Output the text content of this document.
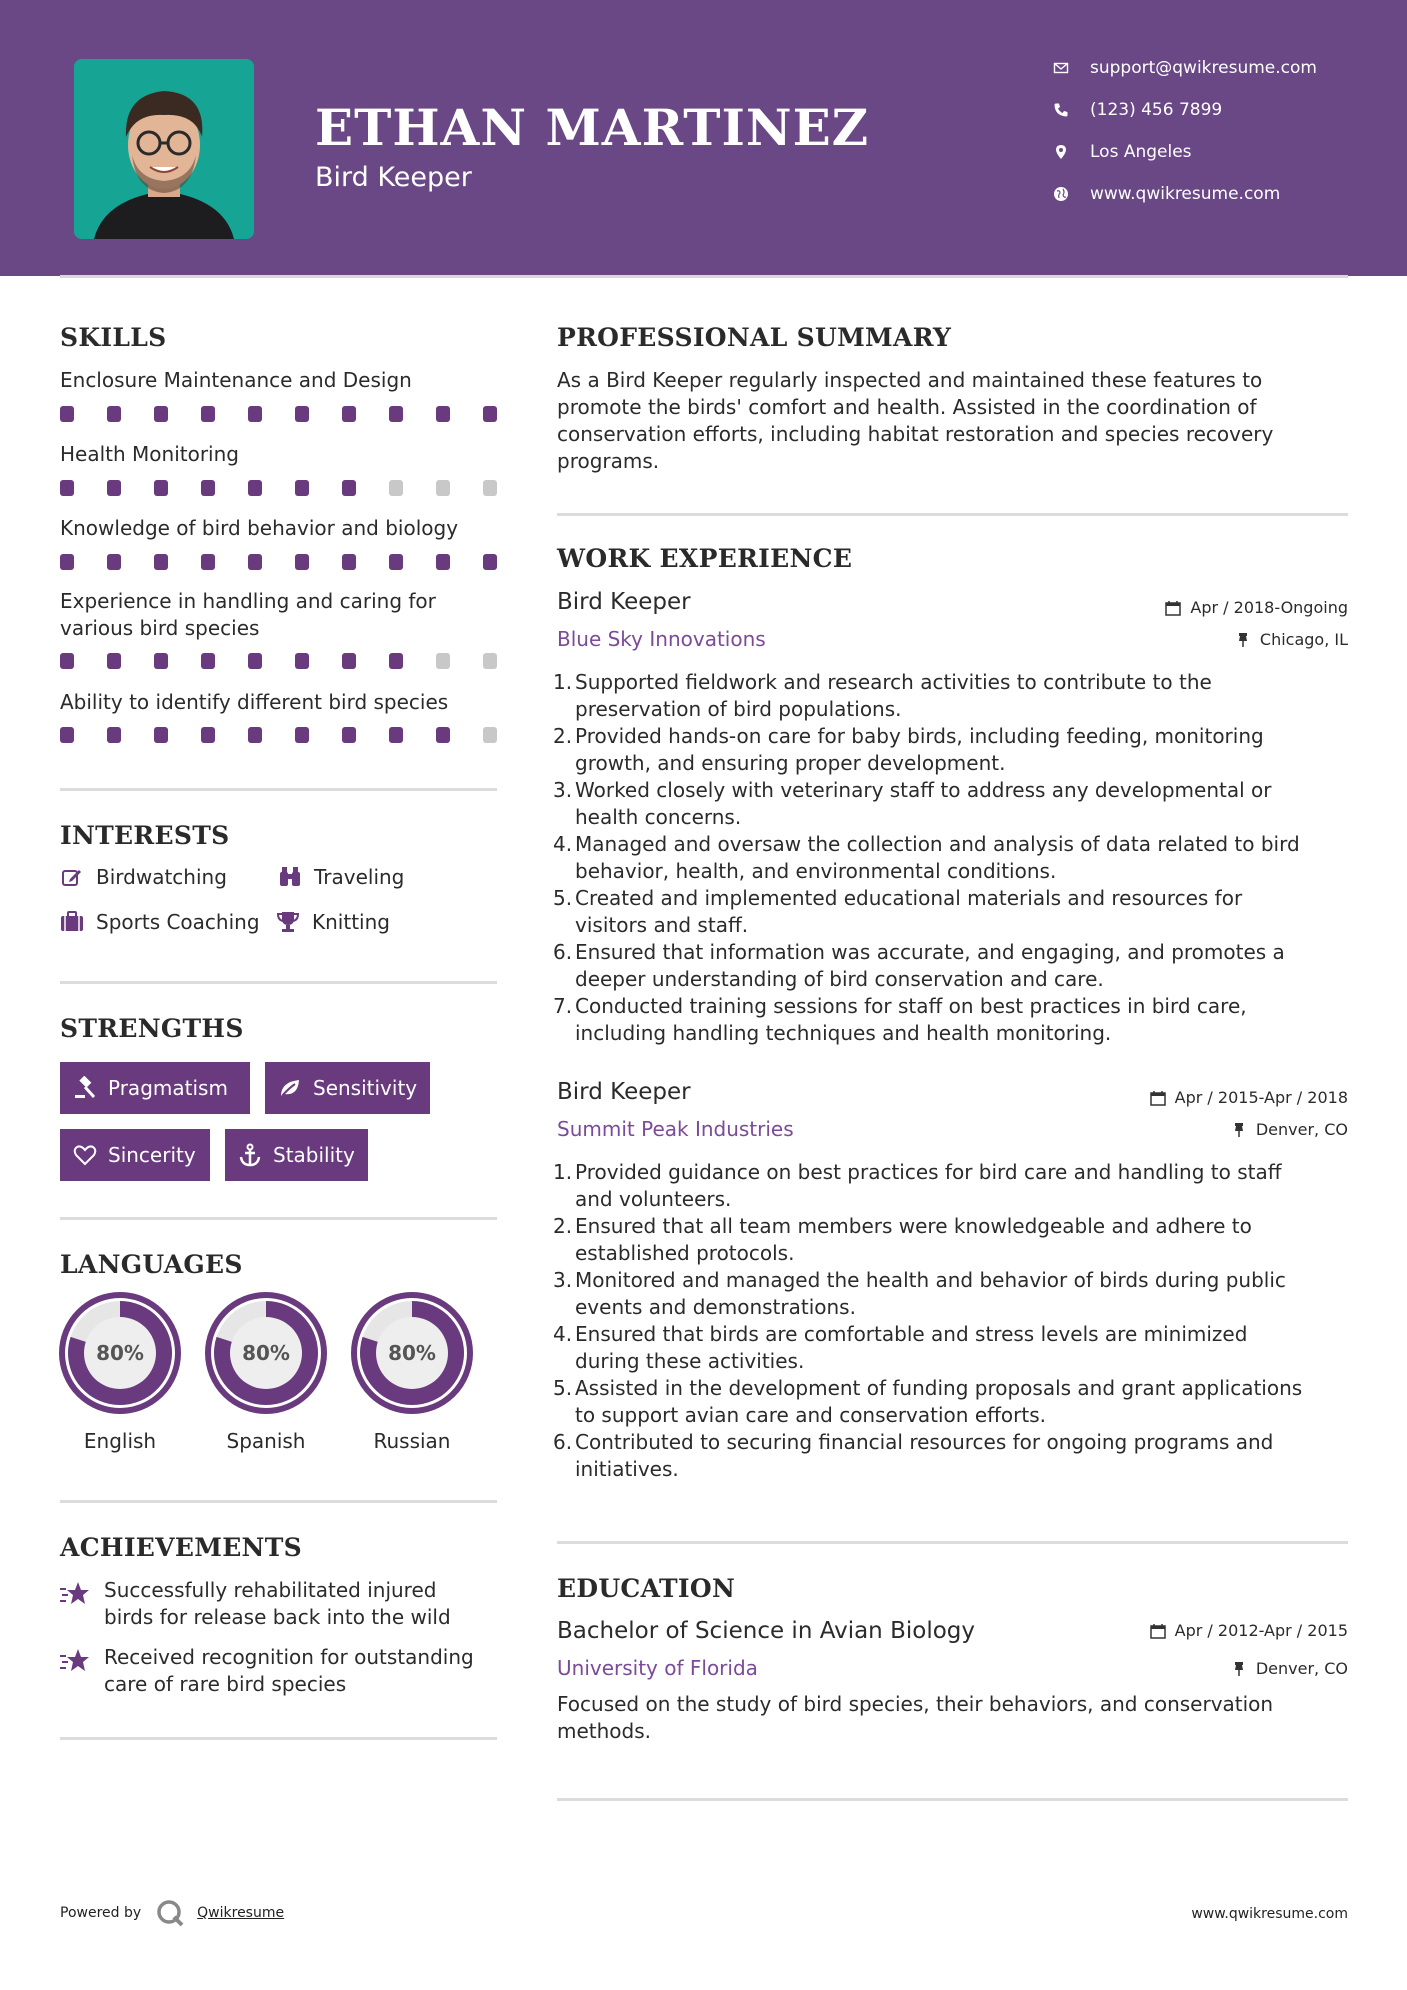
ETHAN MARTINEZ
Bird Keeper
support@qwikresume.com
(123) 456 7899
Los Angeles
www.qwikresume.com
SKILLS
Enclosure Maintenance and Design
Health Monitoring
Knowledge of bird behavior and biology
Experience in handling and caring for
various bird species
Ability to identify different bird species
INTERESTS
Birdwatching	Traveling
Sports Coaching	Knitting
STRENGTHS
Pragmatism	Sensitivity
Sincerity	Stability
LANGUAGES
80%	80%	80%
English	Spanish	Russian
ACHIEVEMENTS
Successfully rehabilitated injured
birds for release back into the wild
Received recognition for outstanding
care of rare bird species
PROFESSIONAL SUMMARY
As a Bird Keeper regularly inspected and maintained these features to
promote the birds' comfort and health. Assisted in the coordination of
conservation efforts, including habitat restoration and species recovery
programs.
WORK EXPERIENCE
Bird Keeper	Apr / 2018-Ongoing
Blue Sky Innovations	Chicago, IL
1. Supported fieldwork and research activities to contribute to the
preservation of bird populations.
2. Provided hands-on care for baby birds, including feeding, monitoring
growth, and ensuring proper development.
3. Worked closely with veterinary staff to address any developmental or
health concerns.
4. Managed and oversaw the collection and analysis of data related to bird
behavior, health, and environmental conditions.
5. Created and implemented educational materials and resources for
visitors and staff.
6. Ensured that information was accurate, and engaging, and promotes a
deeper understanding of bird conservation and care.
7. Conducted training sessions for staff on best practices in bird care,
including handling techniques and health monitoring.
Bird Keeper	Apr / 2015-Apr / 2018
Summit Peak Industries	Denver, CO
1. Provided guidance on best practices for bird care and handling to staff
and volunteers.
2. Ensured that all team members were knowledgeable and adhere to
established protocols.
3. Monitored and managed the health and behavior of birds during public
events and demonstrations.
4. Ensured that birds are comfortable and stress levels are minimized
during these activities.
5. Assisted in the development of funding proposals and grant applications
to support avian care and conservation efforts.
6. Contributed to securing financial resources for ongoing programs and
initiatives.
EDUCATION
Bachelor of Science in Avian Biology	Apr / 2012-Apr / 2015
University of Florida	Denver, CO
Focused on the study of bird species, their behaviors, and conservation
methods.
Powered by	Qwikresume	www.qwikresume.com
